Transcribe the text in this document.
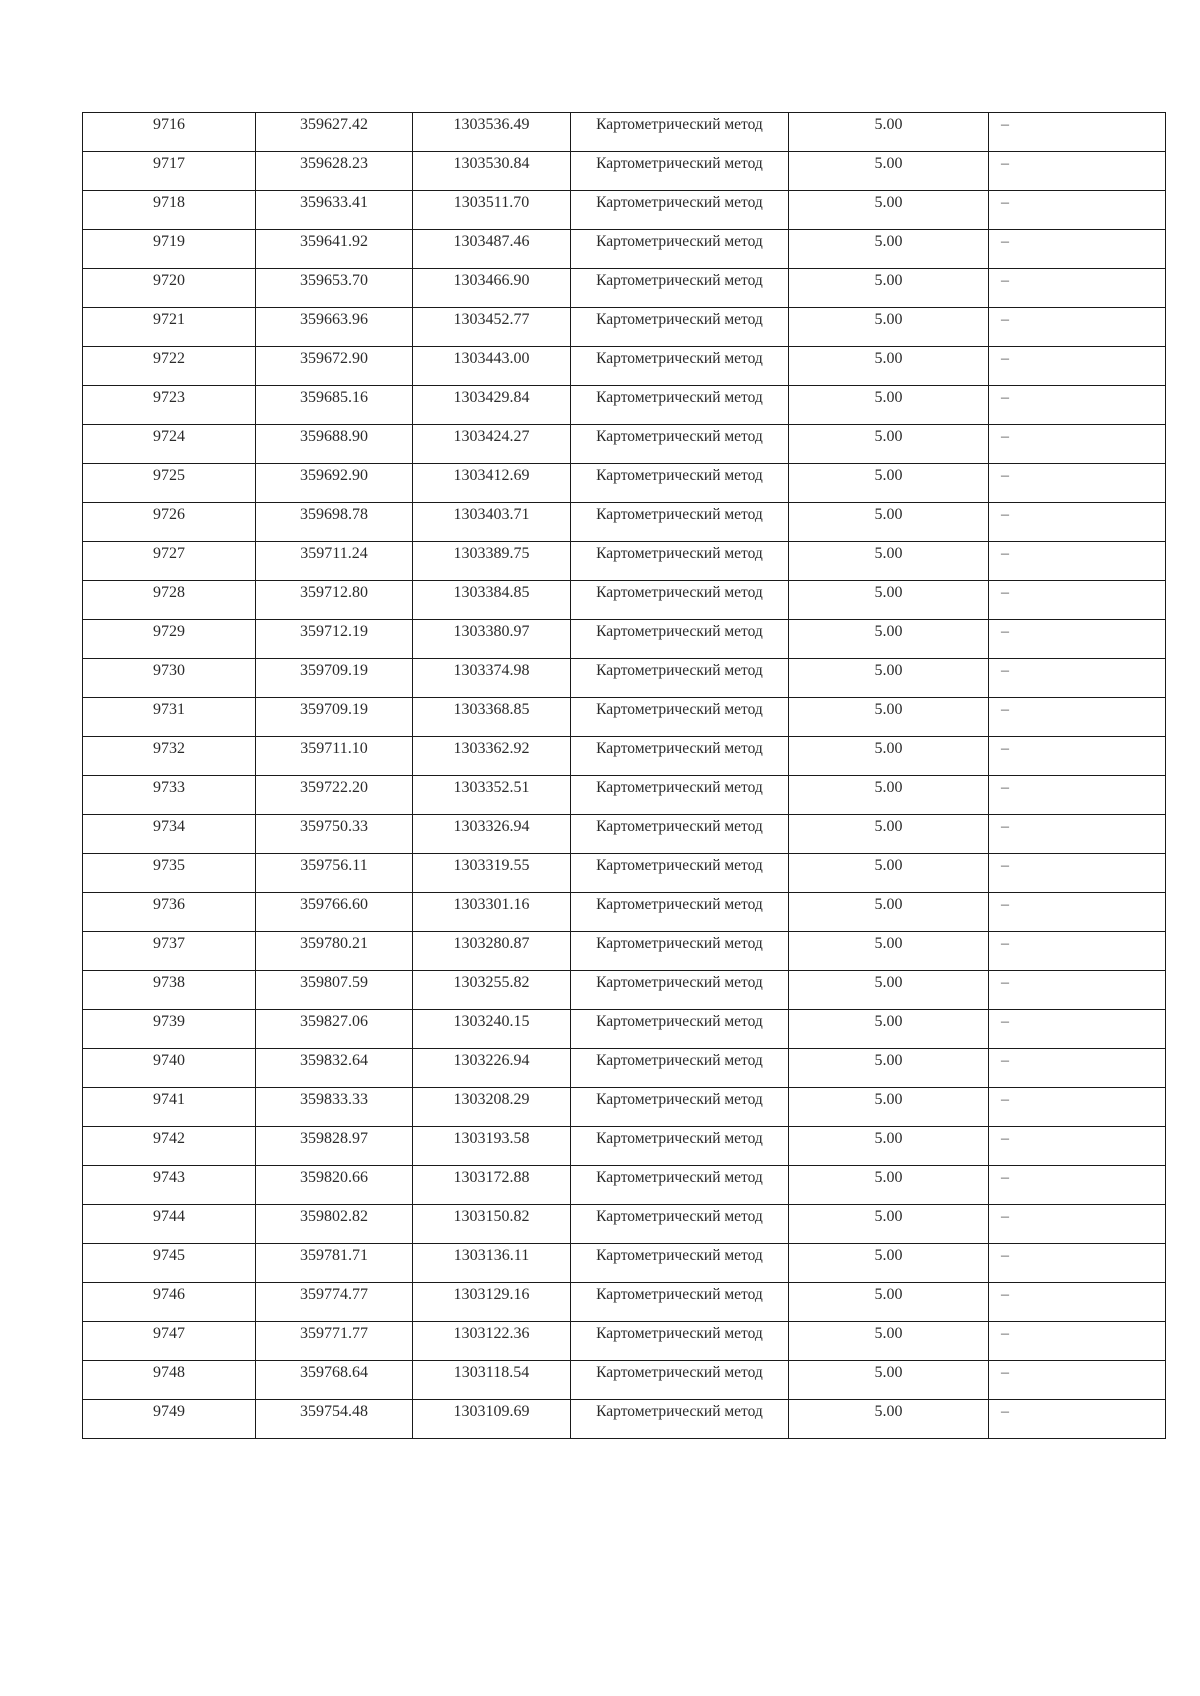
9716	359627.42	1303536.49	Картометрический метод	5.00	–
9717	359628.23	1303530.84	Картометрический метод	5.00	–
9718	359633.41	1303511.70	Картометрический метод	5.00	–
9719	359641.92	1303487.46	Картометрический метод	5.00	–
9720	359653.70	1303466.90	Картометрический метод	5.00	–
9721	359663.96	1303452.77	Картометрический метод	5.00	–
9722	359672.90	1303443.00	Картометрический метод	5.00	–
9723	359685.16	1303429.84	Картометрический метод	5.00	–
9724	359688.90	1303424.27	Картометрический метод	5.00	–
9725	359692.90	1303412.69	Картометрический метод	5.00	–
9726	359698.78	1303403.71	Картометрический метод	5.00	–
9727	359711.24	1303389.75	Картометрический метод	5.00	–
9728	359712.80	1303384.85	Картометрический метод	5.00	–
9729	359712.19	1303380.97	Картометрический метод	5.00	–
9730	359709.19	1303374.98	Картометрический метод	5.00	–
9731	359709.19	1303368.85	Картометрический метод	5.00	–
9732	359711.10	1303362.92	Картометрический метод	5.00	–
9733	359722.20	1303352.51	Картометрический метод	5.00	–
9734	359750.33	1303326.94	Картометрический метод	5.00	–
9735	359756.11	1303319.55	Картометрический метод	5.00	–
9736	359766.60	1303301.16	Картометрический метод	5.00	–
9737	359780.21	1303280.87	Картометрический метод	5.00	–
9738	359807.59	1303255.82	Картометрический метод	5.00	–
9739	359827.06	1303240.15	Картометрический метод	5.00	–
9740	359832.64	1303226.94	Картометрический метод	5.00	–
9741	359833.33	1303208.29	Картометрический метод	5.00	–
9742	359828.97	1303193.58	Картометрический метод	5.00	–
9743	359820.66	1303172.88	Картометрический метод	5.00	–
9744	359802.82	1303150.82	Картометрический метод	5.00	–
9745	359781.71	1303136.11	Картометрический метод	5.00	–
9746	359774.77	1303129.16	Картометрический метод	5.00	–
9747	359771.77	1303122.36	Картометрический метод	5.00	–
9748	359768.64	1303118.54	Картометрический метод	5.00	–
9749	359754.48	1303109.69	Картометрический метод	5.00	–
